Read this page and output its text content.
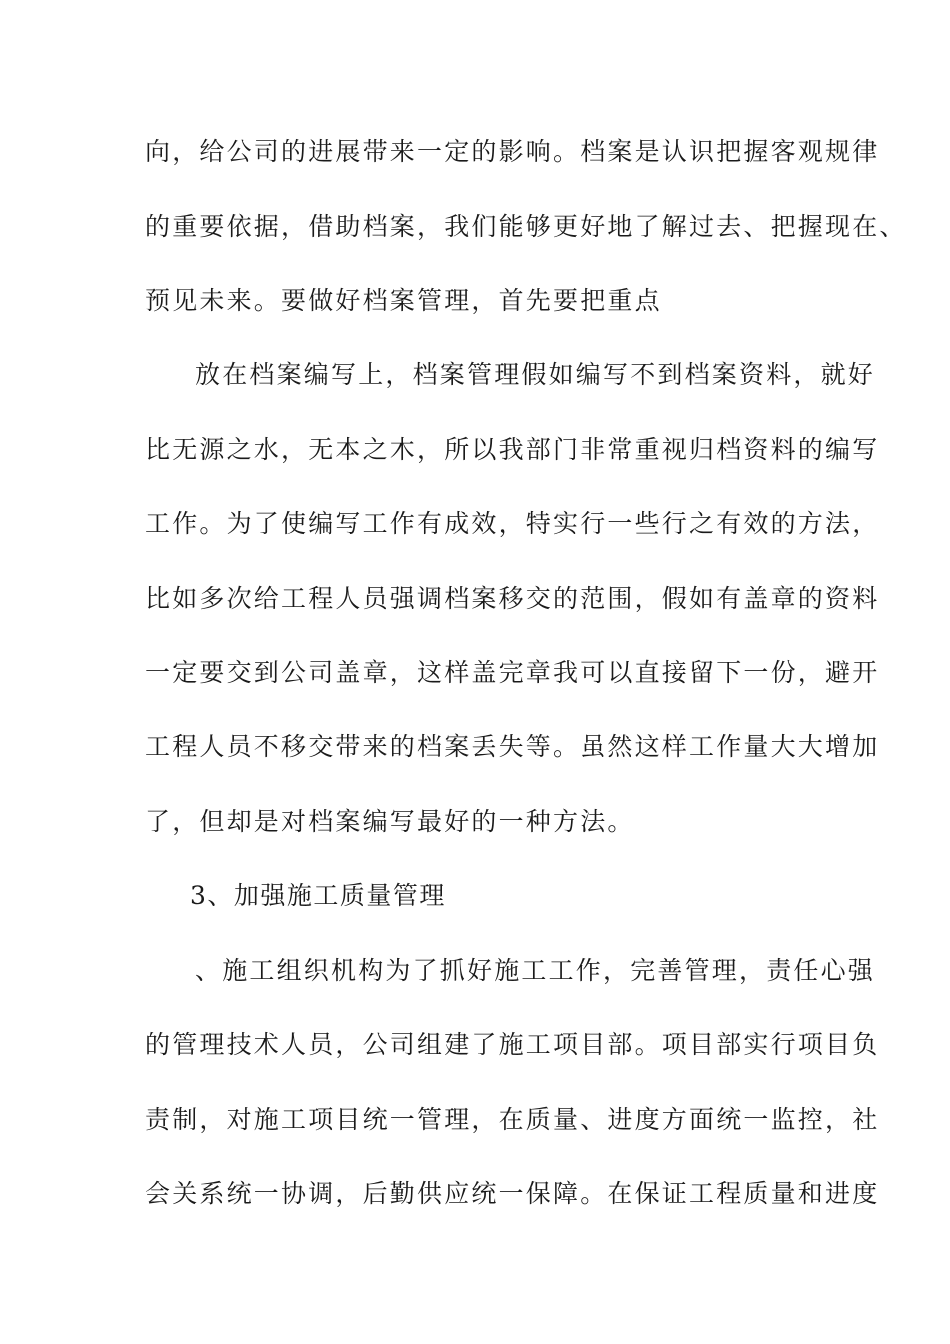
向，给公司的进展带来一定的影响。档案是认识把握客观规律
的重要依据，借助档案，我们能够更好地了解过去、把握现在、
预见未来。要做好档案管理，首先要把重点
放在档案编写上，档案管理假如编写不到档案资料，就好
比无源之水，无本之木，所以我部门非常重视归档资料的编写
工作。为了使编写工作有成效，特实行一些行之有效的方法，
比如多次给工程人员强调档案移交的范围，假如有盖章的资料
一定要交到公司盖章，这样盖完章我可以直接留下一份，避开
工程人员不移交带来的档案丢失等。虽然这样工作量大大增加
了，但却是对档案编写最好的一种方法。
3、加强施工质量管理
、施工组织机构为了抓好施工工作，完善管理，责任心强
的管理技术人员，公司组建了施工项目部。项目部实行项目负
责制，对施工项目统一管理，在质量、进度方面统一监控，社
会关系统一协调，后勤供应统一保障。在保证工程质量和进度
